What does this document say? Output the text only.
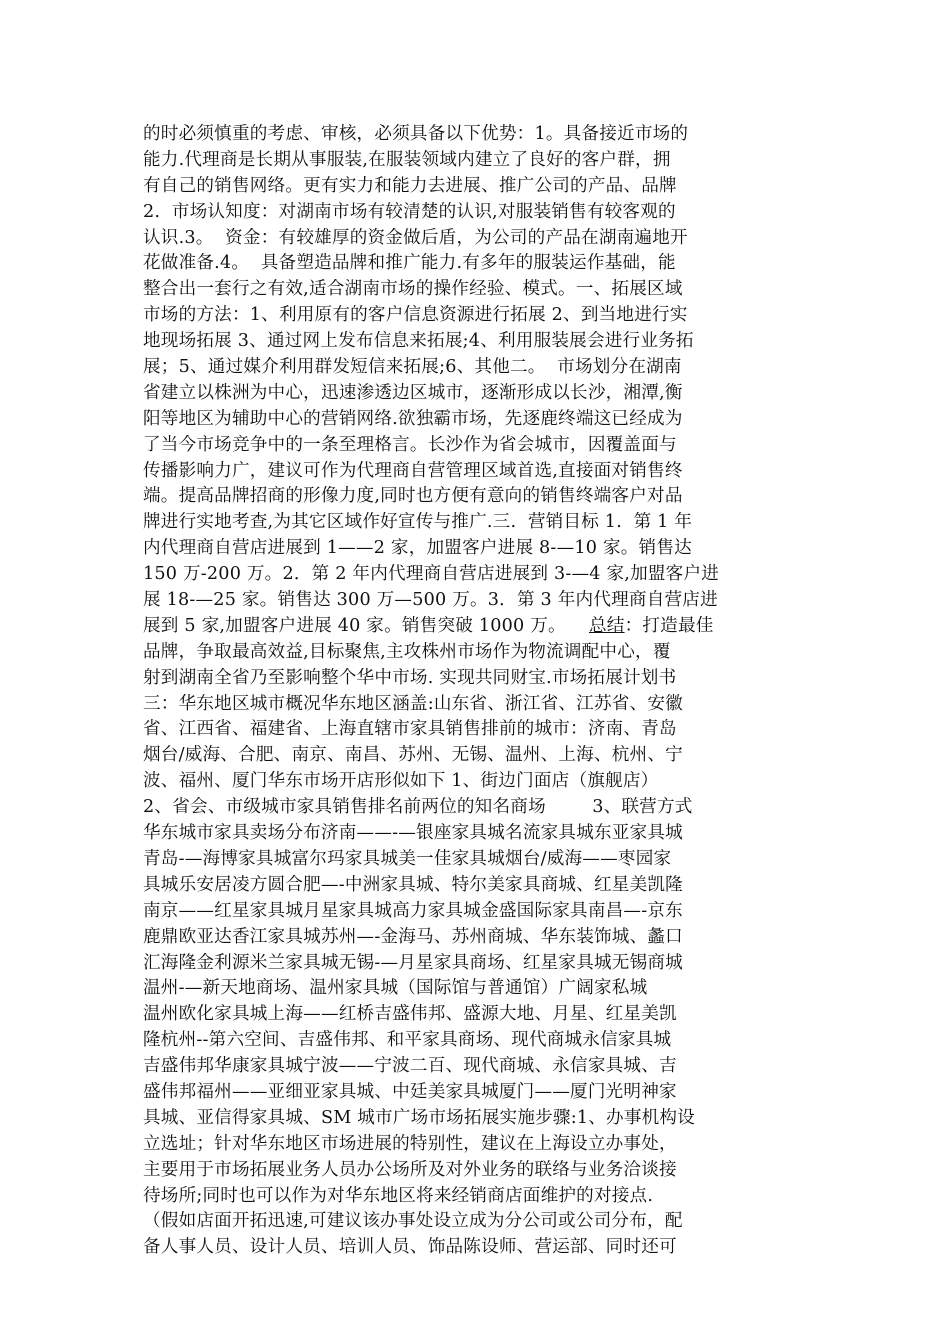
的时必须慎重的考虑、审核，必须具备以下优势：1。具备接近市场的
能力.代理商是长期从事服装,在服装领域内建立了良好的客户群，拥
有自己的销售网络。更有实力和能力去进展、推广公司的产品、品牌
2.  市场认知度：对湖南市场有较清楚的认识,对服装销售有较客观的
认识.3。  资金：有较雄厚的资金做后盾，为公司的产品在湖南遍地开
花做准备.4。  具备塑造品牌和推广能力.有多年的服装运作基础，能
整合出一套行之有效,适合湖南市场的操作经验、模式。一、拓展区域
市场的方法：1、利用原有的客户信息资源进行拓展 2、到当地进行实
地现场拓展 3、通过网上发布信息来拓展;4、利用服装展会进行业务拓
展；5、通过媒介利用群发短信来拓展;6、其他二。  市场划分在湖南
省建立以株洲为中心，迅速渗透边区城市，逐渐形成以长沙，湘潭,衡
阳等地区为辅助中心的营销网络.欲独霸市场，先逐鹿终端这已经成为
了当今市场竞争中的一条至理格言。长沙作为省会城市，因覆盖面与
传播影响力广，建议可作为代理商自营管理区域首选,直接面对销售终
端。提高品牌招商的形像力度,同时也方便有意向的销售终端客户对品
牌进行实地考查,为其它区域作好宣传与推广.三.  营销目标 1.  第 1 年
内代理商自营店进展到 1——2 家，加盟客户进展 8-—10 家。销售达
150 万-200 万。2．第 2 年内代理商自营店进展到 3-—4 家,加盟客户进
展 18-—25 家。销售达 300 万—500 万。3．第 3 年内代理商自营店进
展到 5 家,加盟客户进展 40 家。销售突破 1000 万。    总结：打造最佳
品牌，争取最高效益,目标聚焦,主攻株州市场作为物流调配中心，覆
射到湖南全省乃至影响整个华中市场. 实现共同财宝.市场拓展计划书
三：华东地区城市概况华东地区涵盖:山东省、浙江省、江苏省、安徽
省、江西省、福建省、上海直辖市家具销售排前的城市：济南、青岛
烟台/威海、合肥、南京、南昌、苏州、无锡、温州、上海、杭州、宁
波、福州、厦门华东市场开店形似如下 1、街边门面店（旗舰店）
2、省会、市级城市家具销售排名前两位的知名商场        3、联营方式
华东城市家具卖场分布济南——-—银座家具城名流家具城东亚家具城
青岛-—海博家具城富尔玛家具城美一佳家具城烟台/威海——枣园家
具城乐安居凌方圆合肥—-中洲家具城、特尔美家具商城、红星美凯隆
南京——红星家具城月星家具城高力家具城金盛国际家具南昌—-京东
鹿鼎欧亚达香江家具城苏州—-金海马、苏州商城、华东装饰城、蠡口
汇海隆金利源米兰家具城无锡-—月星家具商场、红星家具城无锡商城
温州-—新天地商场、温州家具城（国际馆与普通馆）广阔家私城
温州欧化家具城上海——红桥吉盛伟邦、盛源大地、月星、红星美凯
隆杭州--第六空间、吉盛伟邦、和平家具商场、现代商城永信家具城
吉盛伟邦华康家具城宁波——宁波二百、现代商城、永信家具城、吉
盛伟邦福州——亚细亚家具城、中廷美家具城厦门——厦门光明神家
具城、亚信得家具城、SM 城市广场市场拓展实施步骤:1、办事机构设
立选址；针对华东地区市场进展的特别性，建议在上海设立办事处，
主要用于市场拓展业务人员办公场所及对外业务的联络与业务洽谈接
待场所;同时也可以作为对华东地区将来经销商店面维护的对接点.
（假如店面开拓迅速,可建议该办事处设立成为分公司或公司分布，配
备人事人员、设计人员、培训人员、饰品陈设师、营运部、同时还可
